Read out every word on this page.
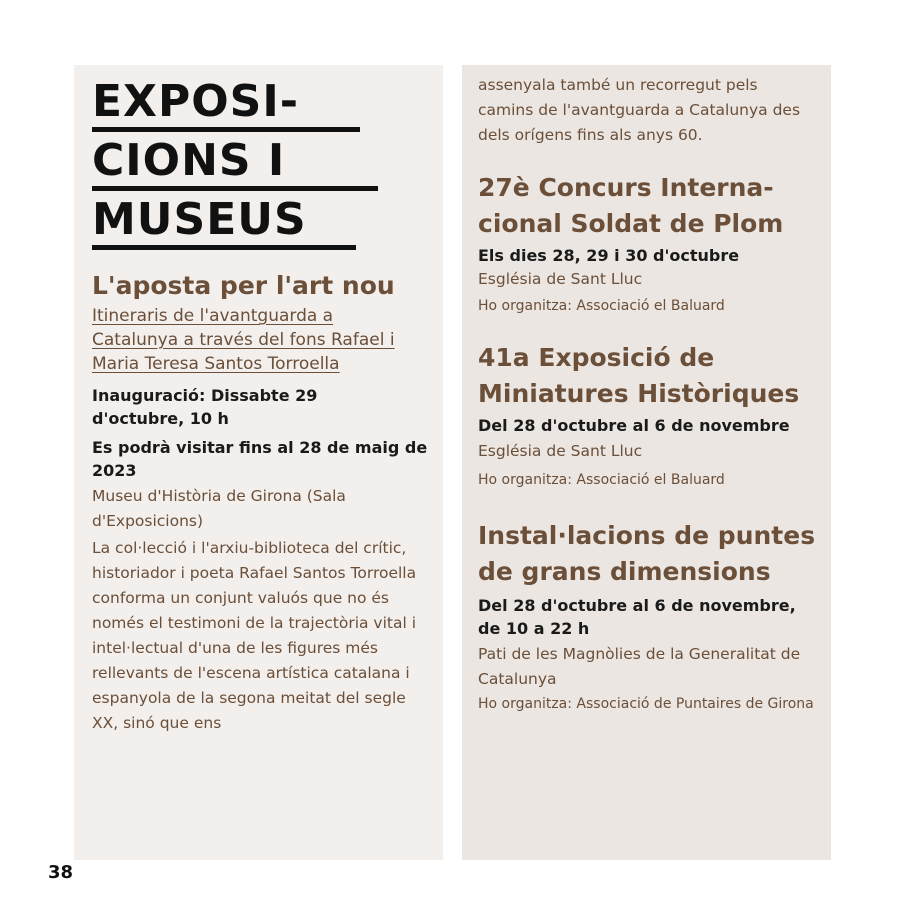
EXPOSI-
CIONS I
MUSEUS
L'aposta per l'art nou
Itineraris de l'avantguarda a Catalunya a través del fons Rafael i Maria Teresa Santos Torroella
Inauguració: Dissabte 29 d'octubre, 10 h
Es podrà visitar fins al 28 de maig de 2023
Museu d'Història de Girona (Sala d'Exposicions)
La col·lecció i l'arxiu-biblioteca del crític, historiador i poeta Rafael Santos Torroella conforma un conjunt valuós que no és només el testimoni de la trajectòria vital i intel·lectual d'una de les figures més rellevants de l'escena artística catalana i espanyola de la segona meitat del segle XX, sinó que ens
assenyala també un recorregut pels camins de l'avantguarda a Catalunya des dels orígens fins als anys 60.
27è Concurs Interna-cional Soldat de Plom
Els dies 28, 29 i 30 d'octubre
Església de Sant Lluc
Ho organitza: Associació el Baluard
41a Exposició de Miniatures Històriques
Del 28 d'octubre al 6 de novembre
Església de Sant Lluc
Ho organitza: Associació el Baluard
Instal·lacions de puntes de grans dimensions
Del 28 d'octubre al 6 de novembre, de 10 a 22 h
Pati de les Magnòlies de la Generalitat de Catalunya
Ho organitza: Associació de Puntaires de Girona
38
